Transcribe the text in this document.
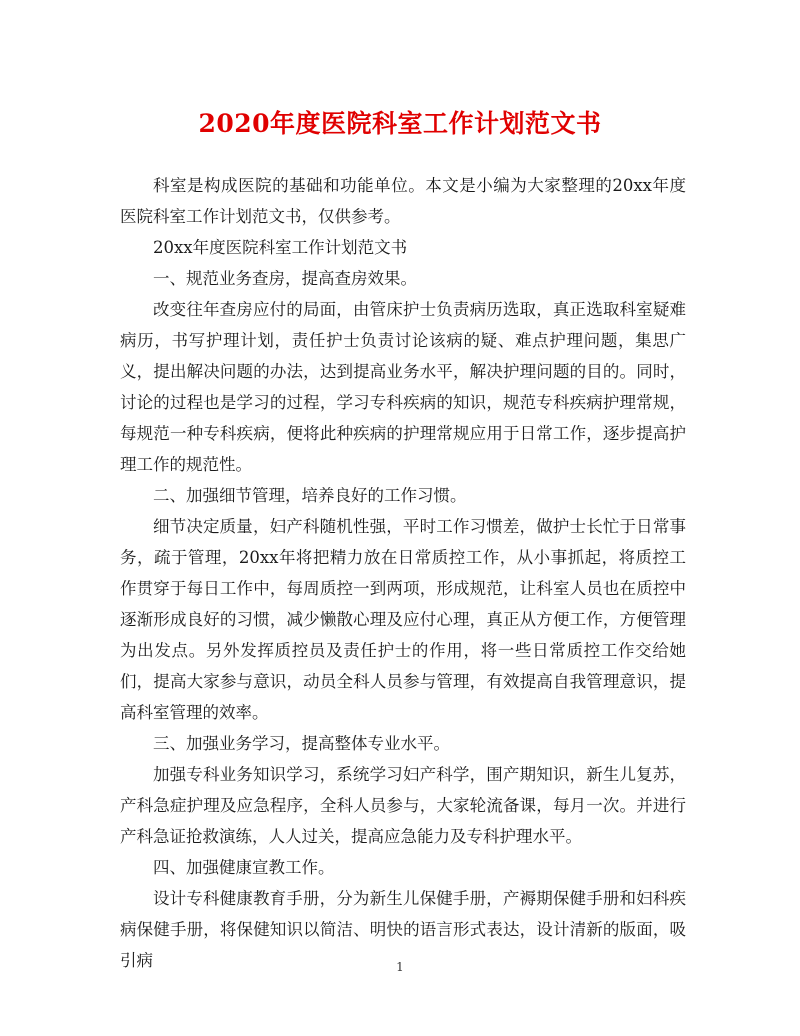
2020年度医院科室工作计划范文书

科室是构成医院的基础和功能单位。本文是小编为大家整理的20xx年度医院科室工作计划范文书，仅供参考。

20xx年度医院科室工作计划范文书

一、规范业务查房，提高查房效果。

改变往年查房应付的局面，由管床护士负责病历选取，真正选取科室疑难病历，书写护理计划，责任护士负责讨论该病的疑、难点护理问题，集思广义，提出解决问题的办法，达到提高业务水平，解决护理问题的目的。同时，讨论的过程也是学习的过程，学习专科疾病的知识，规范专科疾病护理常规，每规范一种专科疾病，便将此种疾病的护理常规应用于日常工作，逐步提高护理工作的规范性。

二、加强细节管理，培养良好的工作习惯。

细节决定质量，妇产科随机性强，平时工作习惯差，做护士长忙于日常事务，疏于管理，20xx年将把精力放在日常质控工作，从小事抓起，将质控工作贯穿于每日工作中，每周质控一到两项，形成规范，让科室人员也在质控中逐渐形成良好的习惯，减少懒散心理及应付心理，真正从方便工作，方便管理为出发点。另外发挥质控员及责任护士的作用，将一些日常质控工作交给她们，提高大家参与意识，动员全科人员参与管理，有效提高自我管理意识，提高科室管理的效率。

三、加强业务学习，提高整体专业水平。

加强专科业务知识学习，系统学习妇产科学，围产期知识，新生儿复苏，产科急症护理及应急程序，全科人员参与，大家轮流备课，每月一次。并进行产科急证抢救演练，人人过关，提高应急能力及专科护理水平。

四、加强健康宣教工作。

设计专科健康教育手册，分为新生儿保健手册，产褥期保健手册和妇科疾病保健手册，将保健知识以简洁、明快的语言形式表达，设计清新的版面，吸引病	1
